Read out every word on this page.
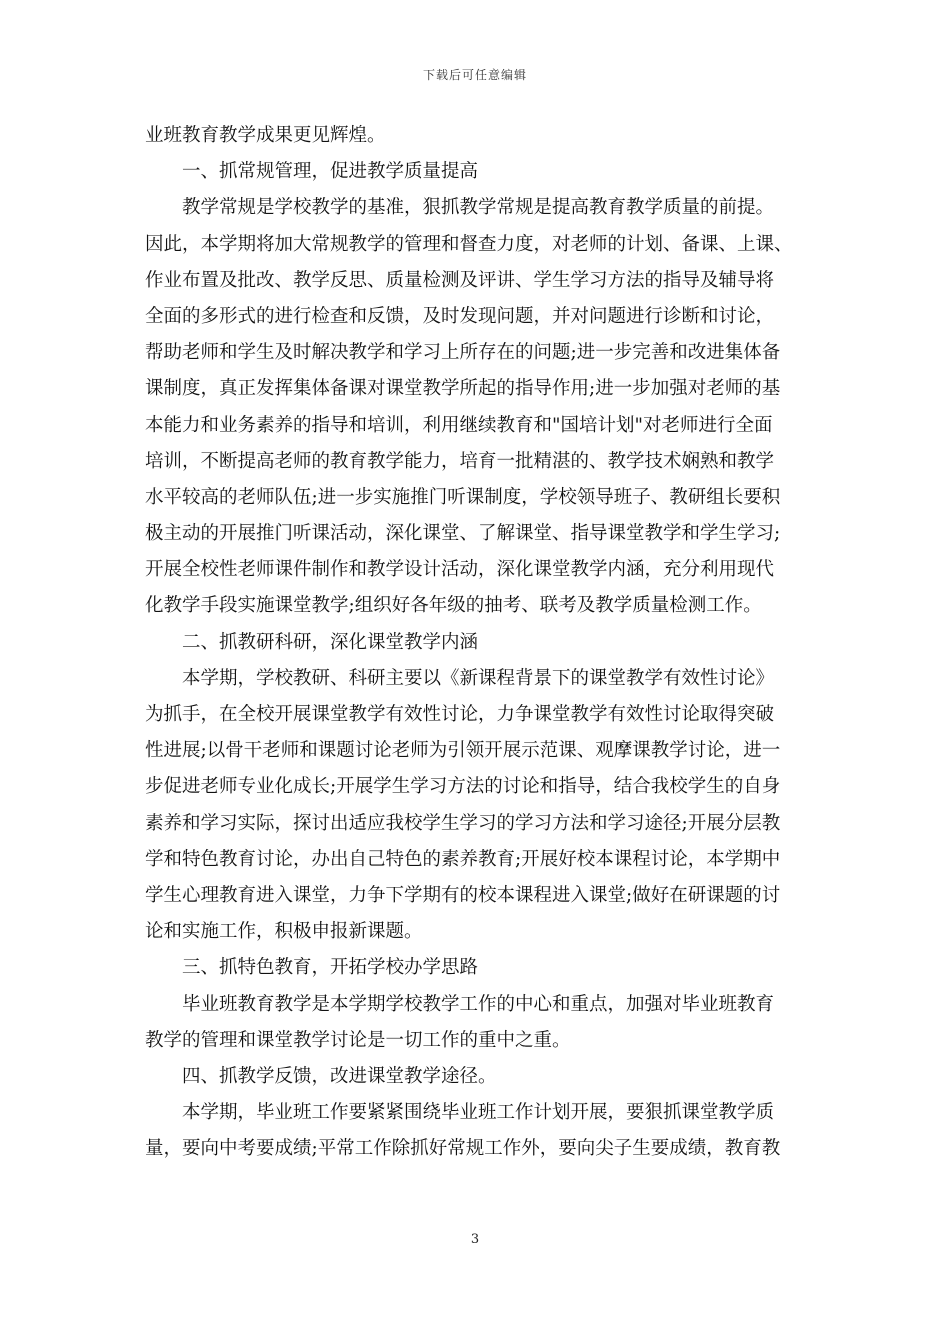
下载后可任意编辑
业班教育教学成果更见辉煌。
一、抓常规管理，促进教学质量提高
教学常规是学校教学的基准，狠抓教学常规是提高教育教学质量的前提。
因此，本学期将加大常规教学的管理和督查力度，对老师的计划、备课、上课、
作业布置及批改、教学反思、质量检测及评讲、学生学习方法的指导及辅导将
全面的多形式的进行检查和反馈，及时发现问题，并对问题进行诊断和讨论，
帮助老师和学生及时解决教学和学习上所存在的问题;进一步完善和改进集体备
课制度，真正发挥集体备课对课堂教学所起的指导作用;进一步加强对老师的基
本能力和业务素养的指导和培训，利用继续教育和"国培计划"对老师进行全面
培训，不断提高老师的教育教学能力，培育一批精湛的、教学技术娴熟和教学
水平较高的老师队伍;进一步实施推门听课制度，学校领导班子、教研组长要积
极主动的开展推门听课活动，深化课堂、了解课堂、指导课堂教学和学生学习;
开展全校性老师课件制作和教学设计活动，深化课堂教学内涵，充分利用现代
化教学手段实施课堂教学;组织好各年级的抽考、联考及教学质量检测工作。
二、抓教研科研，深化课堂教学内涵
本学期，学校教研、科研主要以《新课程背景下的课堂教学有效性讨论》
为抓手，在全校开展课堂教学有效性讨论，力争课堂教学有效性讨论取得突破
性进展;以骨干老师和课题讨论老师为引领开展示范课、观摩课教学讨论，进一
步促进老师专业化成长;开展学生学习方法的讨论和指导，结合我校学生的自身
素养和学习实际，探讨出适应我校学生学习的学习方法和学习途径;开展分层教
学和特色教育讨论，办出自己特色的素养教育;开展好校本课程讨论，本学期中
学生心理教育进入课堂，力争下学期有的校本课程进入课堂;做好在研课题的讨
论和实施工作，积极申报新课题。
三、抓特色教育，开拓学校办学思路
毕业班教育教学是本学期学校教学工作的中心和重点，加强对毕业班教育
教学的管理和课堂教学讨论是一切工作的重中之重。
四、抓教学反馈，改进课堂教学途径。
本学期，毕业班工作要紧紧围绕毕业班工作计划开展，要狠抓课堂教学质
量，要向中考要成绩;平常工作除抓好常规工作外，要向尖子生要成绩，教育教
3
